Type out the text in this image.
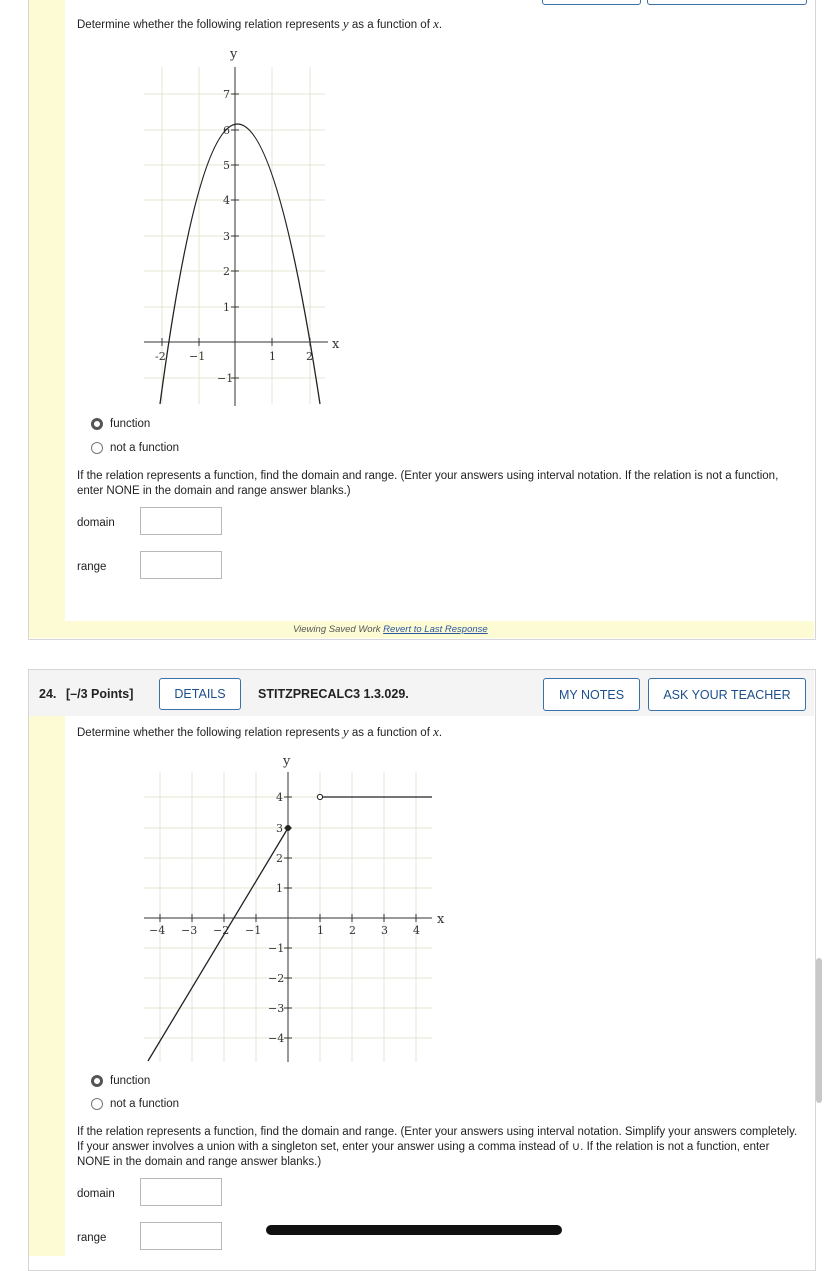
Determine whether the following relation represents y as a function of x.
y
x
-2 −1	1	2
7
6
5
4
3
2
1
−1
function
not a function
If the relation represents a function, find the domain and range. (Enter your answers using interval notation. If the relation is not a function, enter NONE in the domain and range answer blanks.)
domain
range
Viewing Saved Work Revert to Last Response
24. [–/3 Points]	DETAILS	STITZPRECALC3 1.3.029.	MY NOTES	ASK YOUR TEACHER
Determine whether the following relation represents y as a function of x.
y
x
−4 −3 −2 −1	1 2 3 4
4
3
2
1
−1
−2
−3
−4
function
not a function
If the relation represents a function, find the domain and range. (Enter your answers using interval notation. Simplify your answers completely. If your answer involves a union with a singleton set, enter your answer using a comma instead of ∪. If the relation is not a function, enter NONE in the domain and range answer blanks.)
domain
range
